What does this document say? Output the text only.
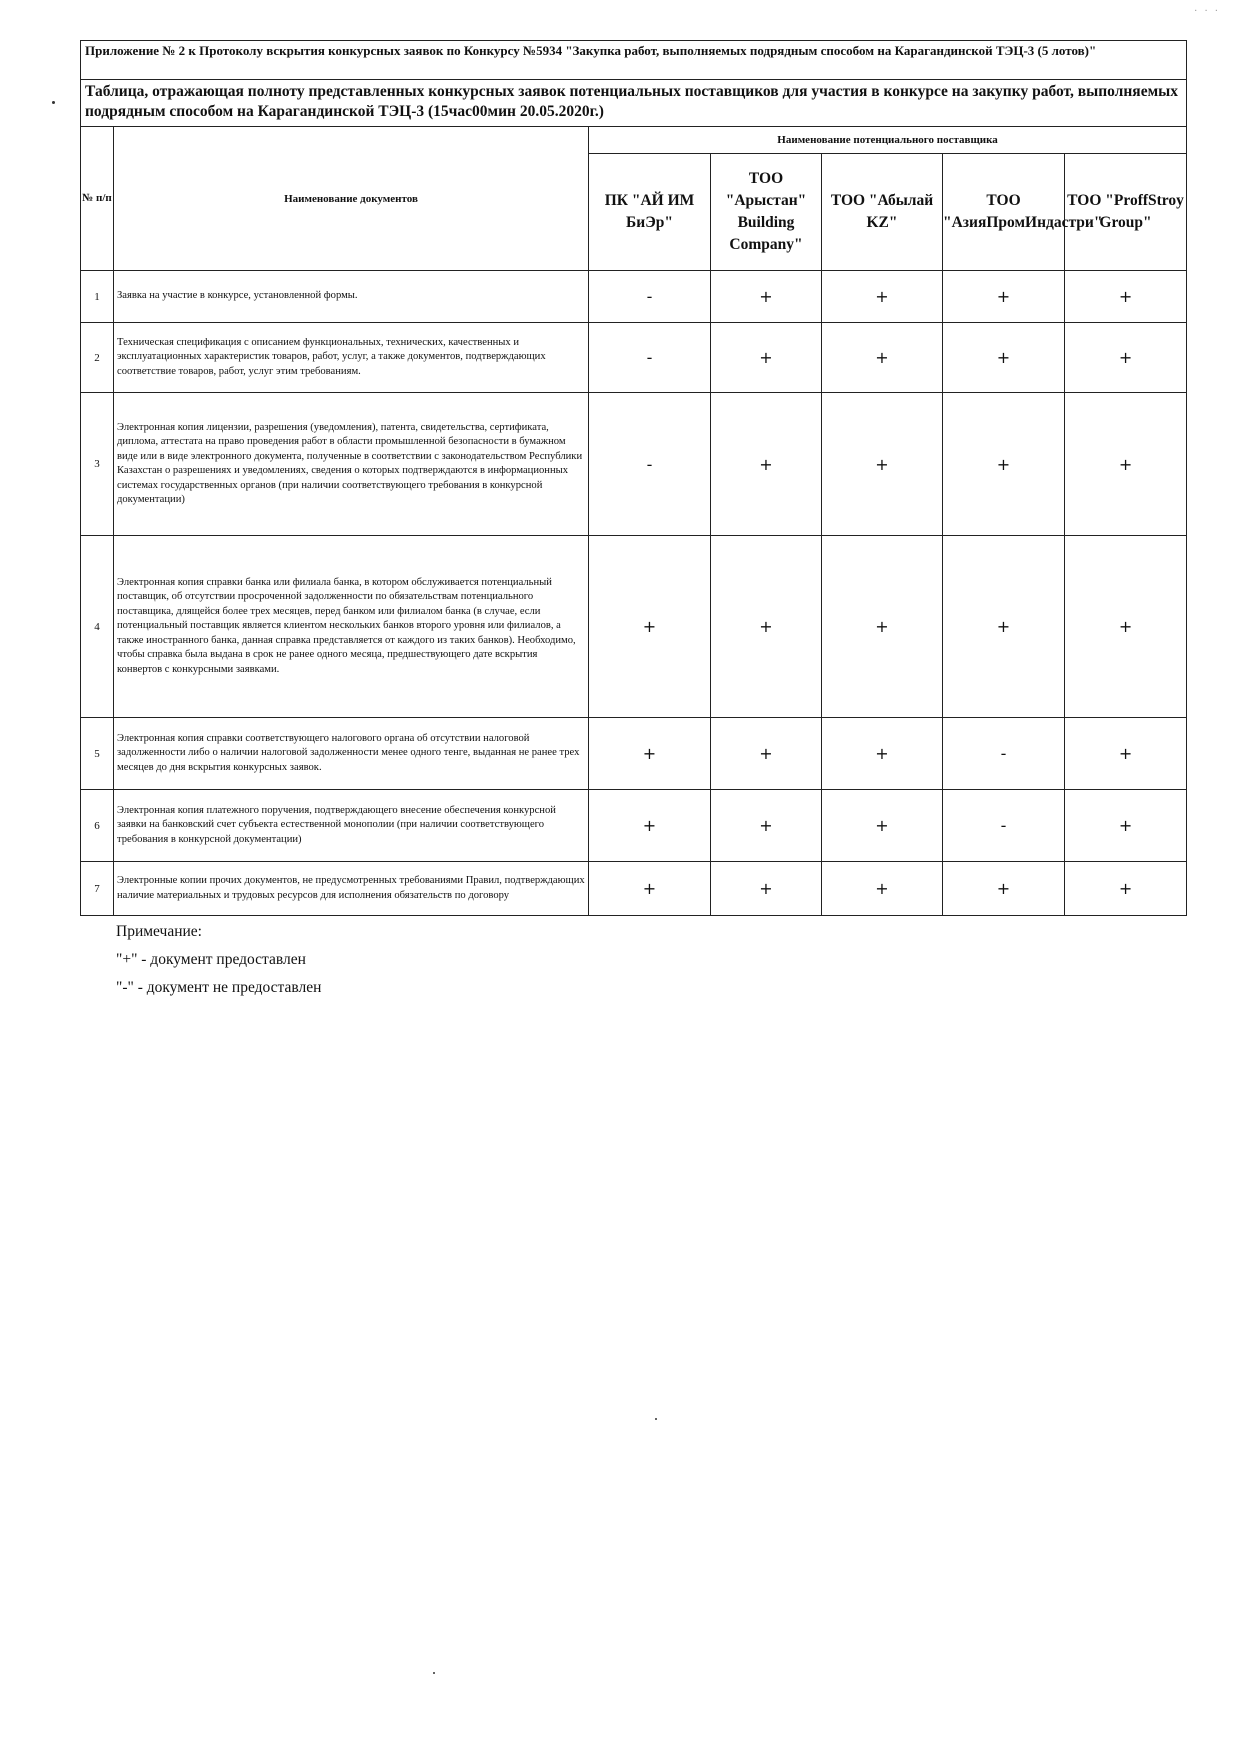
· · ·
Приложение № 2 к Протоколу вскрытия конкурсных заявок по Конкурсу №5934 "Закупка работ, выполняемых подрядным способом на Карагандинской ТЭЦ-3 (5 лотов)"						
Таблица, отражающая полноту представленных конкурсных заявок потенциальных поставщиков для участия в конкурсе на закупку работ, выполняемых подрядным способом на Карагандинской ТЭЦ-3 (15час00мин 20.05.2020г.)						
№ п/п	Наименование документов	Наименование потенциального поставщика				
		ПК "АЙ ИМ БиЭр"	ТОО "Арыстан" Building Company"	ТОО "Абылай KZ"	ТОО "АзияПромИндастри"	ТОО "ProffStroy Group"
1	Заявка на участие в конкурсе, установленной формы.	-	+	+	+	+
2	Техническая спецификация с описанием функциональных, технических, качественных и эксплуатационных характеристик товаров, работ, услуг, а также документов, подтверждающих соответствие товаров, работ, услуг этим требованиям.	-	+	+	+	+
3	Электронная копия лицензии, разрешения (уведомления), патента, свидетельства, сертификата, диплома, аттестата на право проведения работ в области промышленной безопасности в бумажном виде или в виде электронного документа, полученные в соответствии с законодательством Республики Казахстан о разрешениях и уведомлениях, сведения о которых подтверждаются в информационных системах государственных органов (при наличии соответствующего требования в конкурсной документации)	-	+	+	+	+
4	Электронная копия справки банка или филиала банка, в котором обслуживается потенциальный поставщик, об отсутствии просроченной задолженности по обязательствам потенциального поставщика, длящейся более трех месяцев, перед банком или филиалом банка (в случае, если потенциальный поставщик является клиентом нескольких банков второго уровня или филиалов, а также иностранного банка, данная справка представляется от каждого из таких банков). Необходимо, чтобы справка была выдана в срок не ранее одного месяца, предшествующего дате вскрытия конвертов с конкурсными заявками.	+	+	+	+	+
5	Электронная копия справки соответствующего налогового органа об отсутствии налоговой задолженности либо о наличии налоговой задолженности менее одного тенге, выданная не ранее трех месяцев до дня вскрытия конкурсных заявок.	+	+	+	-	+
6	Электронная копия платежного поручения, подтверждающего внесение обеспечения конкурсной заявки на банковский счет субъекта естественной монополии (при наличии соответствующего требования в конкурсной документации)	+	+	+	-	+
7	Электронные копии прочих документов, не предусмотренных требованиями Правил, подтверждающих наличие материальных и трудовых ресурсов для исполнения обязательств по договору	+	+	+	+	+
Примечание:
"+" - документ предоставлен
"-" - документ не предоставлен
